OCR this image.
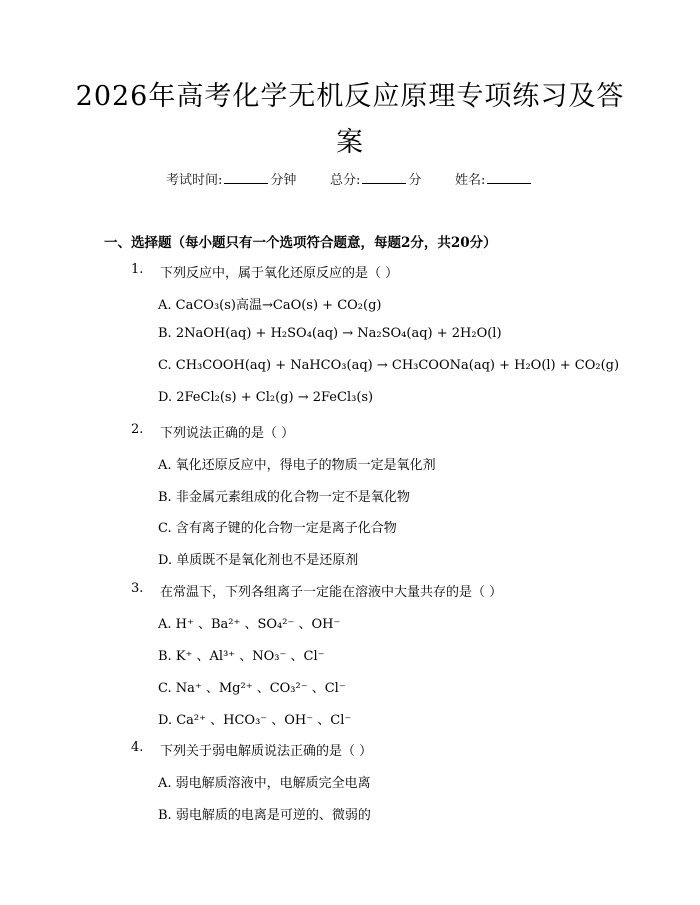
2026年高考化学无机反应原理专项练习及答
案
考试时间:	分钟	总分:	分	姓名:
一、选择题（每小题只有一个选项符合题意，每题2分，共20分）
1. 下列反应中，属于氧化还原反应的是（ ）
A. CaCO₃(s)高温→CaO(s) + CO₂(g)
B. 2NaOH(aq) + H₂SO₄(aq) → Na₂SO₄(aq) + 2H₂O(l)
C. CH₃COOH(aq) + NaHCO₃(aq) → CH₃COONa(aq) + H₂O(l) + CO₂(g)
D. 2FeCl₂(s) + Cl₂(g) → 2FeCl₃(s)
2. 下列说法正确的是（ ）
A. 氧化还原反应中，得电子的物质一定是氧化剂
B. 非金属元素组成的化合物一定不是氧化物
C. 含有离子键的化合物一定是离子化合物
D. 单质既不是氧化剂也不是还原剂
3. 在常温下，下列各组离子一定能在溶液中大量共存的是（ ）
A. H⁺ 、Ba²⁺ 、SO₄²⁻ 、OH⁻
B. K⁺ 、Al³⁺ 、NO₃⁻ 、Cl⁻
C. Na⁺ 、Mg²⁺ 、CO₃²⁻ 、Cl⁻
D. Ca²⁺ 、HCO₃⁻ 、OH⁻ 、Cl⁻
4. 下列关于弱电解质说法正确的是（ ）
A. 弱电解质溶液中，电解质完全电离
B. 弱电解质的电离是可逆的、微弱的
